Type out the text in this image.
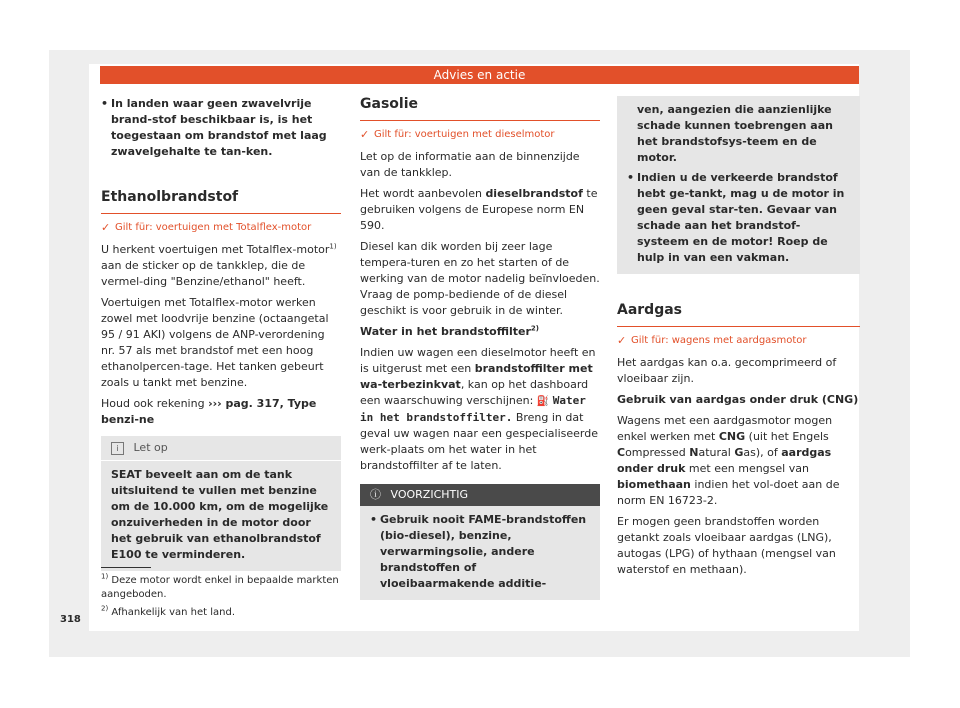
Advies en actie

• In landen waar geen zwavelvrije brand-stof beschikbaar is, is het toegestaan om brandstof met laag zwavelgehalte te tan-ken.

Ethanolbrandstof
✓ Gilt für: voertuigen met Totalflex-motor

U herkent voertuigen met Totalflex-motor$^{1)}$ aan de sticker op de tankklep, die de vermel-ding "Benzine/ethanol" heeft.

Voertuigen met Totalflex-motor werken zowel met loodvrije benzine (octaangetal 95 / 91 AKI) volgens de ANP-verordening nr. 57 als met brandstof met een hoog ethanolpercen-tage. Het tanken gebeurt zoals u tankt met benzine.

Houd ook rekening ››› pag. 317, Type benzi-ne

i Let op
SEAT beveelt aan om de tank uitsluitend te vullen met benzine om de 10.000 km, om de mogelijke onzuiverheden in de motor door het gebruik van ethanolbrandstof E100 te verminderen.
Gasolie
✓ Gilt für: voertuigen met dieselmotor

Let op de informatie aan de binnenzijde van de tankklep.

Het wordt aanbevolen dieselbrandstof te gebruiken volgens de Europese norm EN 590.

Diesel kan dik worden bij zeer lage tempera-turen en zo het starten of de werking van de motor nadelig beïnvloeden. Vraag de pomp-bediende of de diesel geschikt is voor gebruik in de winter.

Water in het brandstoffilter$^{2)}$

Indien uw wagen een dieselmotor heeft en is uitgerust met een brandstoffilter met wa-terbezinkvat, kan op het dashboard een waarschuwing verschijnen: ⛽ Water in het brandstoffilter. Breng in dat geval uw wagen naar een gespecialiseerde werk-plaats om het water in het brandstoffilter af te laten.

ⓘ VOORZICHTIG
• Gebruik nooit FAME-brandstoffen (bio-diesel), benzine, verwarmingsolie, andere brandstoffen of vloeibaarmakende additie-

ven, aangezien die aanzienlijke schade kunnen toebrengen aan het brandstofsys-teem en de motor.

• Indien u de verkeerde brandstof hebt ge-tankt, mag u de motor in geen geval star-ten. Gevaar van schade aan het brandstof-systeem en de motor! Roep de hulp in van een vakman.
Aardgas
✓ Gilt für: wagens met aardgasmotor

Het aardgas kan o.a. gecomprimeerd of vloeibaar zijn.

Gebruik van aardgas onder druk (CNG)

Wagens met een aardgasmotor mogen enkel werken met CNG (uit het Engels Compressed Natural Gas), of aardgas onder druk met een mengsel van biomethaan indien het vol-doet aan de norm EN 16723-2.

Er mogen geen brandstoffen worden getankt zoals vloeibaar aardgas (LNG), autogas (LPG) of hythaan (mengsel van waterstof en methaan).

$^{1)}$ Deze motor wordt enkel in bepaalde markten aangeboden.

$^{2)}$ Afhankelijk van het land.

318
